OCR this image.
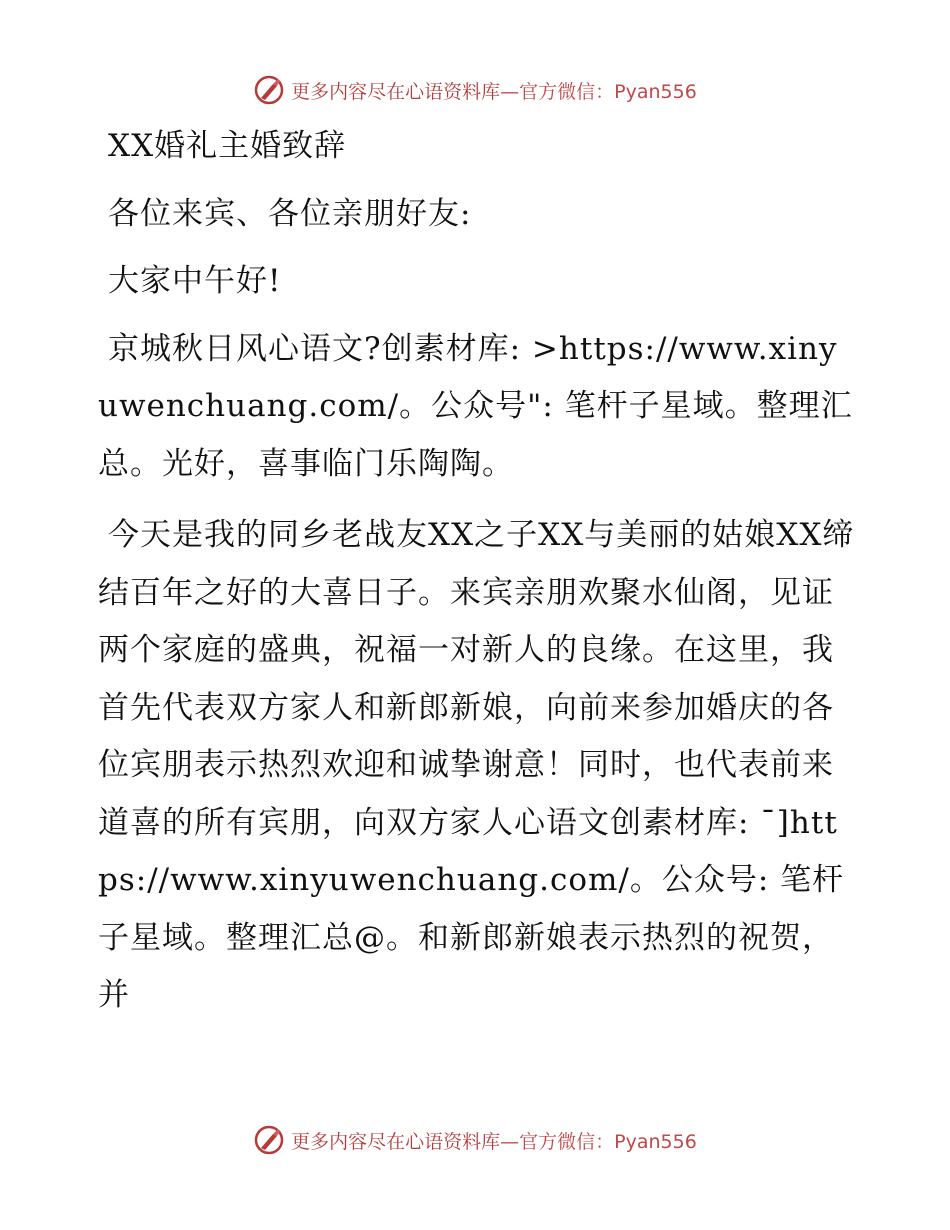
更多内容尽在心语资料库—官方微信：Pyan556

XX婚礼主婚致辞

各位来宾、各位亲朋好友:

大家中午好!

京城秋日风心语文?创素材库: >https://www.xinyuwenchuang.com/。公众号": 笔杆子星域。整理汇总。光好，喜事临门乐陶陶。

今天是我的同乡老战友XX之子XX与美丽的姑娘XX缔结百年之好的大喜日子。来宾亲朋欢聚水仙阁，见证两个家庭的盛典，祝福一对新人的良缘。在这里，我首先代表双方家人和新郎新娘，向前来参加婚庆的各位宾朋表示热烈欢迎和诚挚谢意！同时，也代表前来道喜的所有宾朋，向双方家人心语文创素材库: ¯]https://www.xinyuwenchuang.com/。公众号: 笔杆子星域。整理汇总@。和新郎新娘表示热烈的祝贺，并

更多内容尽在心语资料库—官方微信：Pyan556
